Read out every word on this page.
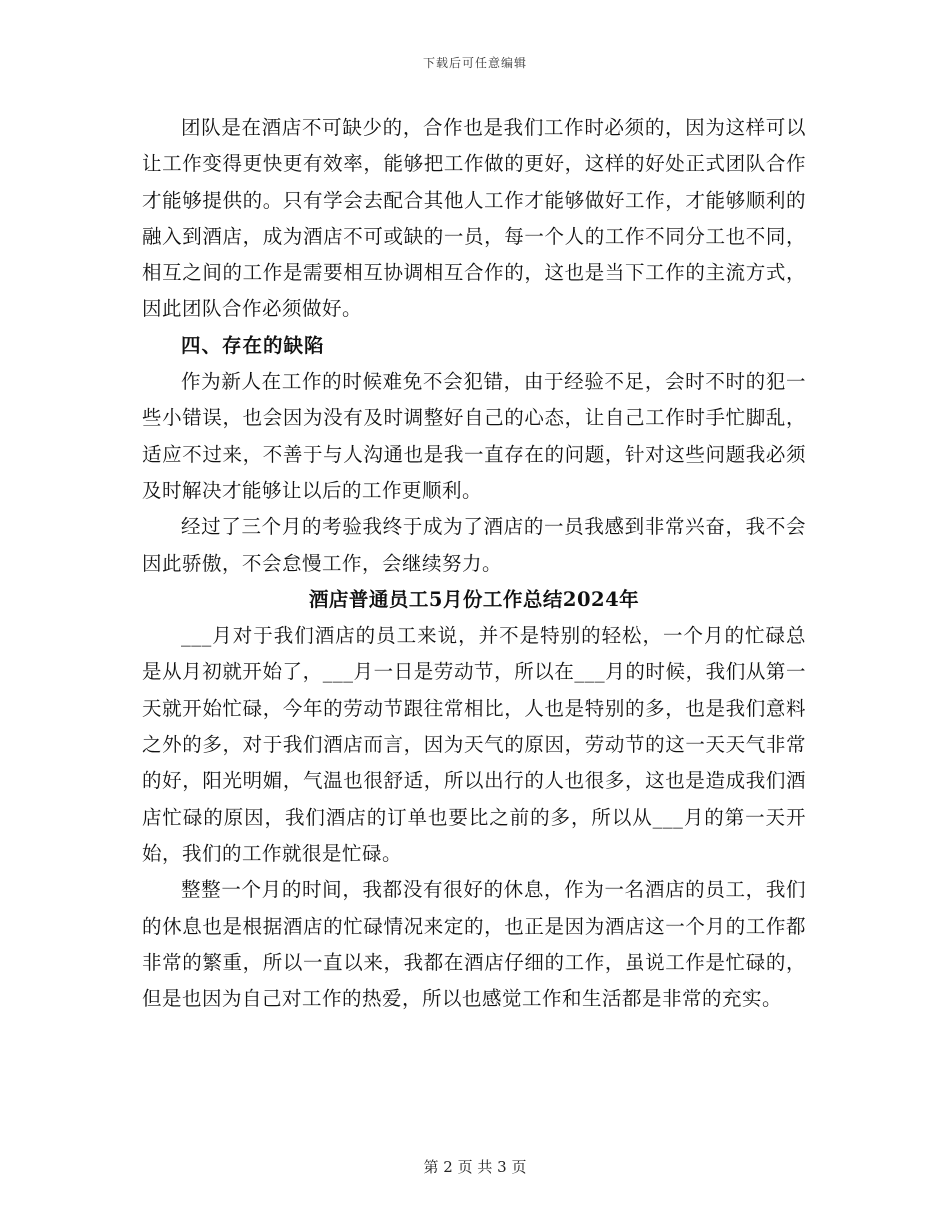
下载后可任意编辑

团队是在酒店不可缺少的，合作也是我们工作时必须的，因为这样可以让工作变得更快更有效率，能够把工作做的更好，这样的好处正式团队合作才能够提供的。只有学会去配合其他人工作才能够做好工作，才能够顺利的融入到酒店，成为酒店不可或缺的一员，每一个人的工作不同分工也不同，相互之间的工作是需要相互协调相互合作的，这也是当下工作的主流方式，因此团队合作必须做好。

四、存在的缺陷

作为新人在工作的时候难免不会犯错，由于经验不足，会时不时的犯一些小错误，也会因为没有及时调整好自己的心态，让自己工作时手忙脚乱，适应不过来，不善于与人沟通也是我一直存在的问题，针对这些问题我必须及时解决才能够让以后的工作更顺利。

经过了三个月的考验我终于成为了酒店的一员我感到非常兴奋，我不会因此骄傲，不会怠慢工作，会继续努力。

酒店普通员工5月份工作总结2024年

___月对于我们酒店的员工来说，并不是特别的轻松，一个月的忙碌总是从月初就开始了，___月一日是劳动节，所以在___月的时候，我们从第一天就开始忙碌，今年的劳动节跟往常相比，人也是特别的多，也是我们意料之外的多，对于我们酒店而言，因为天气的原因，劳动节的这一天天气非常的好，阳光明媚，气温也很舒适，所以出行的人也很多，这也是造成我们酒店忙碌的原因，我们酒店的订单也要比之前的多，所以从___月的第一天开始，我们的工作就很是忙碌。

整整一个月的时间，我都没有很好的休息，作为一名酒店的员工，我们的休息也是根据酒店的忙碌情况来定的，也正是因为酒店这一个月的工作都非常的繁重，所以一直以来，我都在酒店仔细的工作，虽说工作是忙碌的，但是也因为自己对工作的热爱，所以也感觉工作和生活都是非常的充实。

第 2 页 共 3 页
